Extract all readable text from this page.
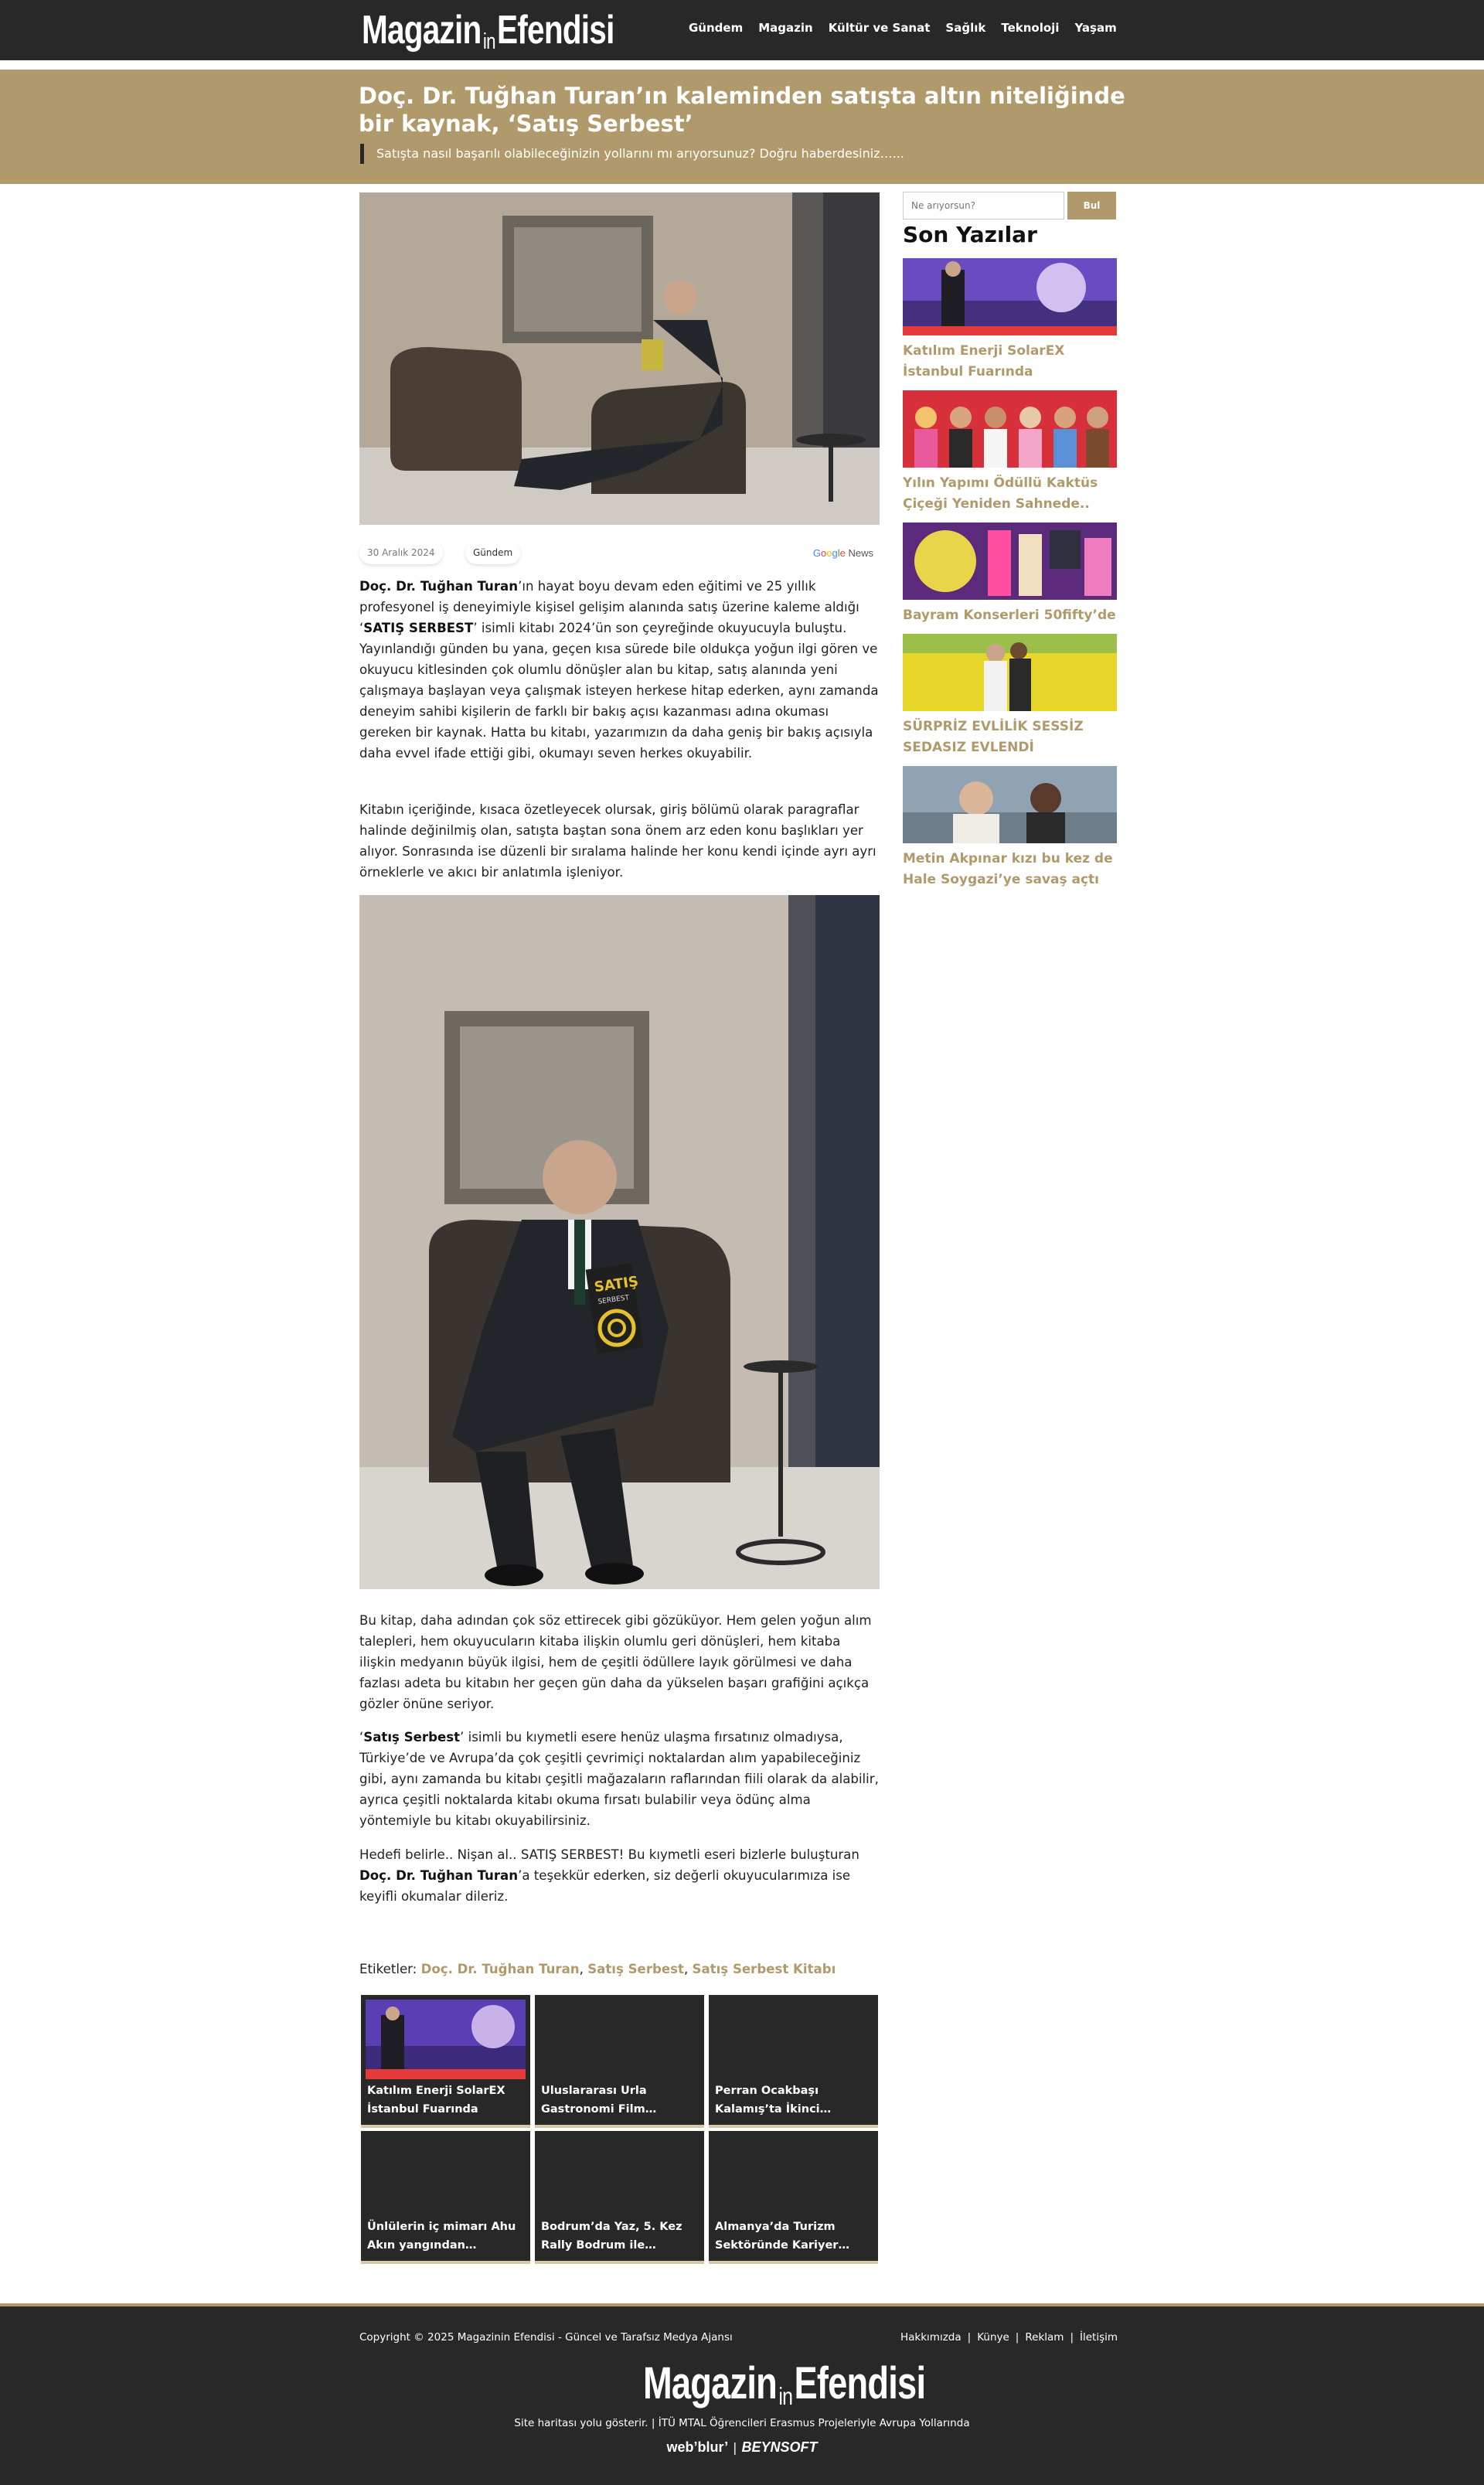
Magazin$_{in}$Efendisi	Gündem Magazin Kültür ve Sanat Sağlık Teknoloji Yaşam
Doç. Dr. Tuğhan Turan’ın kaleminden satışta altın niteliğinde bir kaynak, ‘Satış Serbest’
Satışta nasıl başarılı olabileceğinizin yollarını mı arıyorsunuz? Doğru haberdesiniz…...
30 Aralık 2024	Gündem	Google News

Doç. Dr. Tuğhan Turan’ın hayat boyu devam eden eğitimi ve 25 yıllık profesyonel iş deneyimiyle kişisel gelişim alanında satış üzerine kaleme aldığı ‘SATIŞ SERBEST’ isimli kitabı 2024’ün son çeyreğinde okuyucuyla buluştu. Yayınlandığı günden bu yana, geçen kısa sürede bile oldukça yoğun ilgi gören ve okuyucu kitlesinden çok olumlu dönüşler alan bu kitap, satış alanında yeni çalışmaya başlayan veya çalışmak isteyen herkese hitap ederken, aynı zamanda deneyim sahibi kişilerin de farklı bir bakış açısı kazanması adına okuması gereken bir kaynak. Hatta bu kitabı, yazarımızın da daha geniş bir bakış açısıyla daha evvel ifade ettiği gibi, okumayı seven herkes okuyabilir.

Kitabın içeriğinde, kısaca özetleyecek olursak, giriş bölümü olarak paragraflar halinde değinilmiş olan, satışta baştan sona önem arz eden konu başlıkları yer alıyor. Sonrasında ise düzenli bir sıralama halinde her konu kendi içinde ayrı ayrı örneklerle ve akıcı bir anlatımla işleniyor.

SATIŞ
SERBEST

Bu kitap, daha adından çok söz ettirecek gibi gözüküyor. Hem gelen yoğun alım talepleri, hem okuyucuların kitaba ilişkin olumlu geri dönüşleri, hem kitaba ilişkin medyanın büyük ilgisi, hem de çeşitli ödüllere layık görülmesi ve daha fazlası adeta bu kitabın her geçen gün daha da yükselen başarı grafiğini açıkça gözler önüne seriyor.

‘Satış Serbest’ isimli bu kıymetli esere henüz ulaşma fırsatınız olmadıysa, Türkiye’de ve Avrupa’da çok çeşitli çevrimiçi noktalardan alım yapabileceğiniz gibi, aynı zamanda bu kitabı çeşitli mağazaların raflarından fiili olarak da alabilir, ayrıca çeşitli noktalarda kitabı okuma fırsatı bulabilir veya ödünç alma yöntemiyle bu kitabı okuyabilirsiniz.

Hedefi belirle.. Nişan al.. SATIŞ SERBEST! Bu kıymetli eseri bizlerle buluşturan Doç. Dr. Tuğhan Turan’a teşekkür ederken, siz değerli okuyucularımıza ise keyifli okumalar dileriz.

Etiketler: Doç. Dr. Tuğhan Turan, Satış Serbest, Satış Serbest Kitabı
Katılım Enerji SolarEX İstanbul Fuarında
Uluslararası Urla Gastronomi Film…
Perran Ocakbaşı Kalamış’ta İkinci…
Ünlülerin iç mimarı Ahu Akın yangından…
Bodrum’da Yaz, 5. Kez Rally Bodrum ile…
Almanya’da Turizm Sektöründe Kariyer…
Ne arıyorsun?
Bul
Son Yazılar
Katılım Enerji SolarEX İstanbul Fuarında
Yılın Yapımı Ödüllü Kaktüs Çiçeği Yeniden Sahnede..
Bayram Konserleri 50fifty’de
SÜRPRİZ EVLİLİK SESSİZ SEDASIZ EVLENDİ
Metin Akpınar kızı bu kez de Hale Soygazi’ye savaş açtı
Copyright © 2025 Magazinin Efendisi - Güncel ve Tarafsız Medya Ajansı	Hakkımızda | Künye | Reklam | İletişim
Magazin$_{in}$Efendisi
Site haritası yolu gösterir. | İTÜ MTAL Öğrencileri Erasmus Projeleriyle Avrupa Yollarında
web’blur’ | BEYNSOFT
